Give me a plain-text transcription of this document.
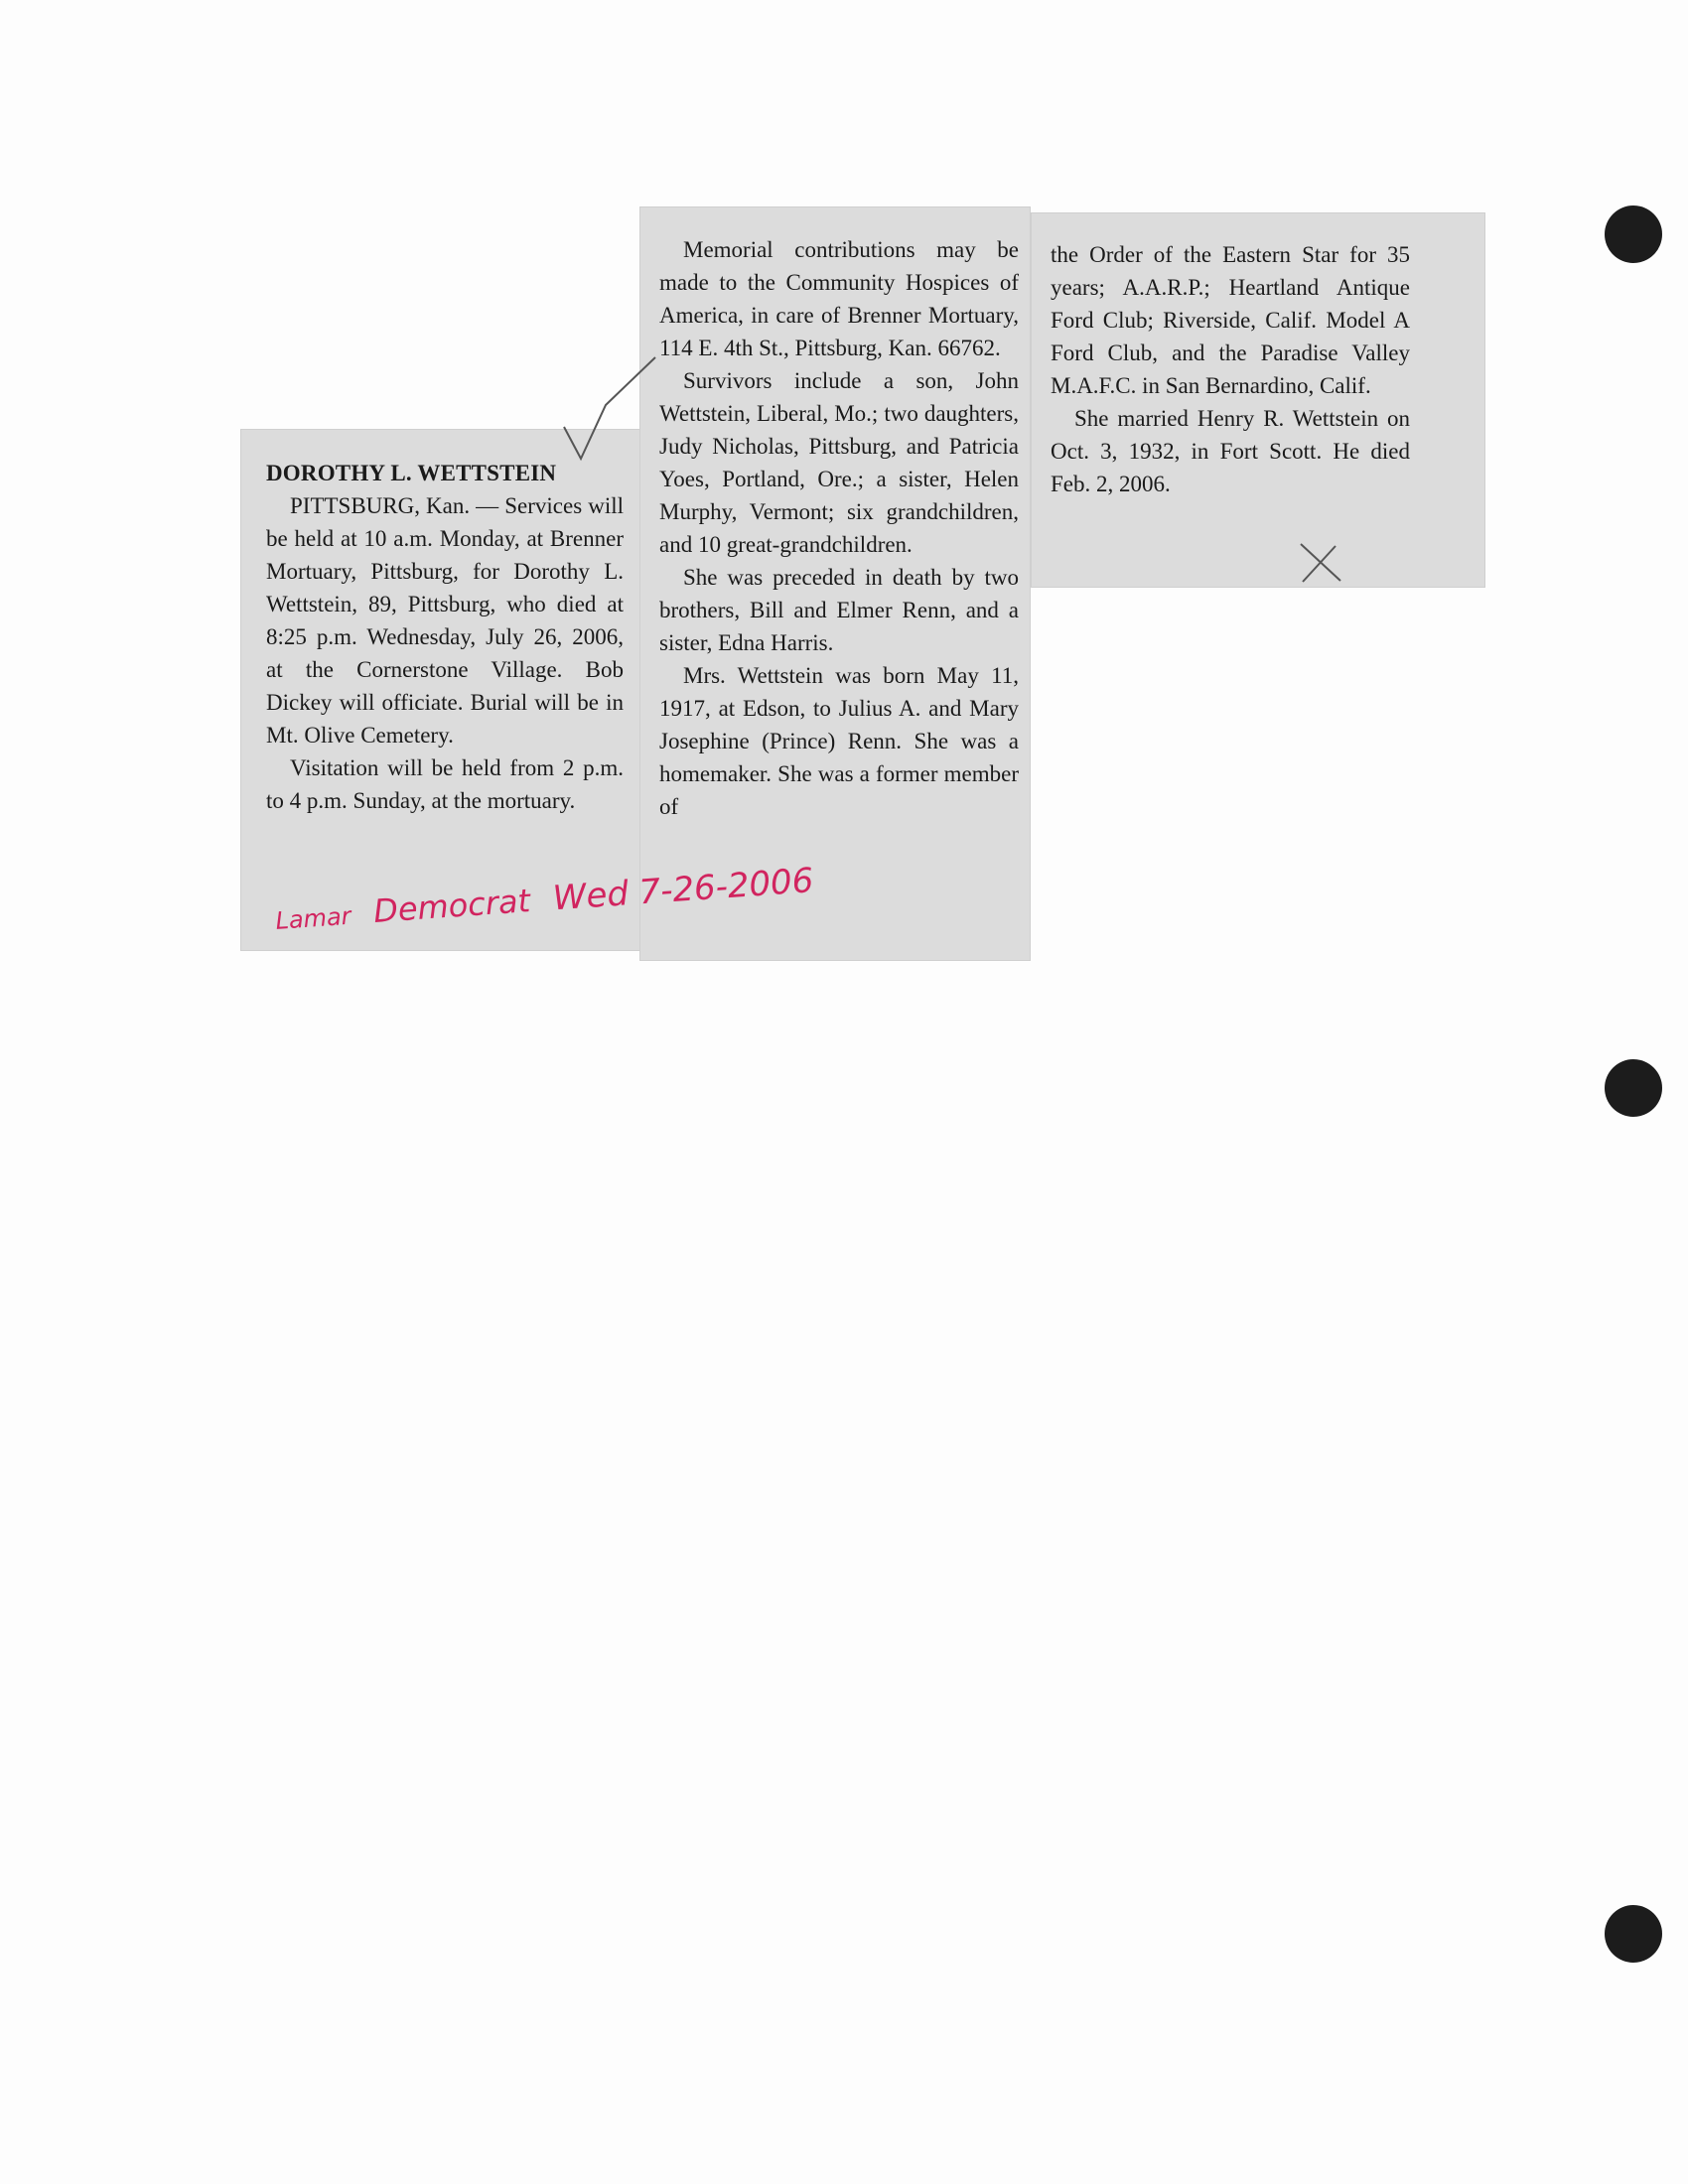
DOROTHY L. WETTSTEIN

PITTSBURG, Kan. — Services will be held at 10 a.m. Monday, at Brenner Mortuary, Pittsburg, for Dorothy L. Wettstein, 89, Pittsburg, who died at 8:25 p.m. Wednesday, July 26, 2006, at the Cornerstone Village. Bob Dickey will officiate. Burial will be in Mt. Olive Cemetery.

Visitation will be held from 2 p.m. to 4 p.m. Sunday, at the mortuary.

Memorial contributions may be made to the Community Hospices of America, in care of Brenner Mortuary, 114 E. 4th St., Pittsburg, Kan. 66762.

Survivors include a son, John Wettstein, Liberal, Mo.; two daughters, Judy Nicholas, Pittsburg, and Patricia Yoes, Portland, Ore.; a sister, Helen Murphy, Vermont; six grandchildren, and 10 great-grandchildren.

She was preceded in death by two brothers, Bill and Elmer Renn, and a sister, Edna Harris.

Mrs. Wettstein was born May 11, 1917, at Edson, to Julius A. and Mary Josephine (Prince) Renn. She was a homemaker. She was a former member of

the Order of the Eastern Star for 35 years; A.A.R.P.; Heartland Antique Ford Club; Riverside, Calif. Model A Ford Club, and the Paradise Valley M.A.F.C. in San Bernardino, Calif.

She married Henry R. Wettstein on Oct. 3, 1932, in Fort Scott. He died Feb. 2, 2006.

Lamar Democrat Wed 7-26-2006
